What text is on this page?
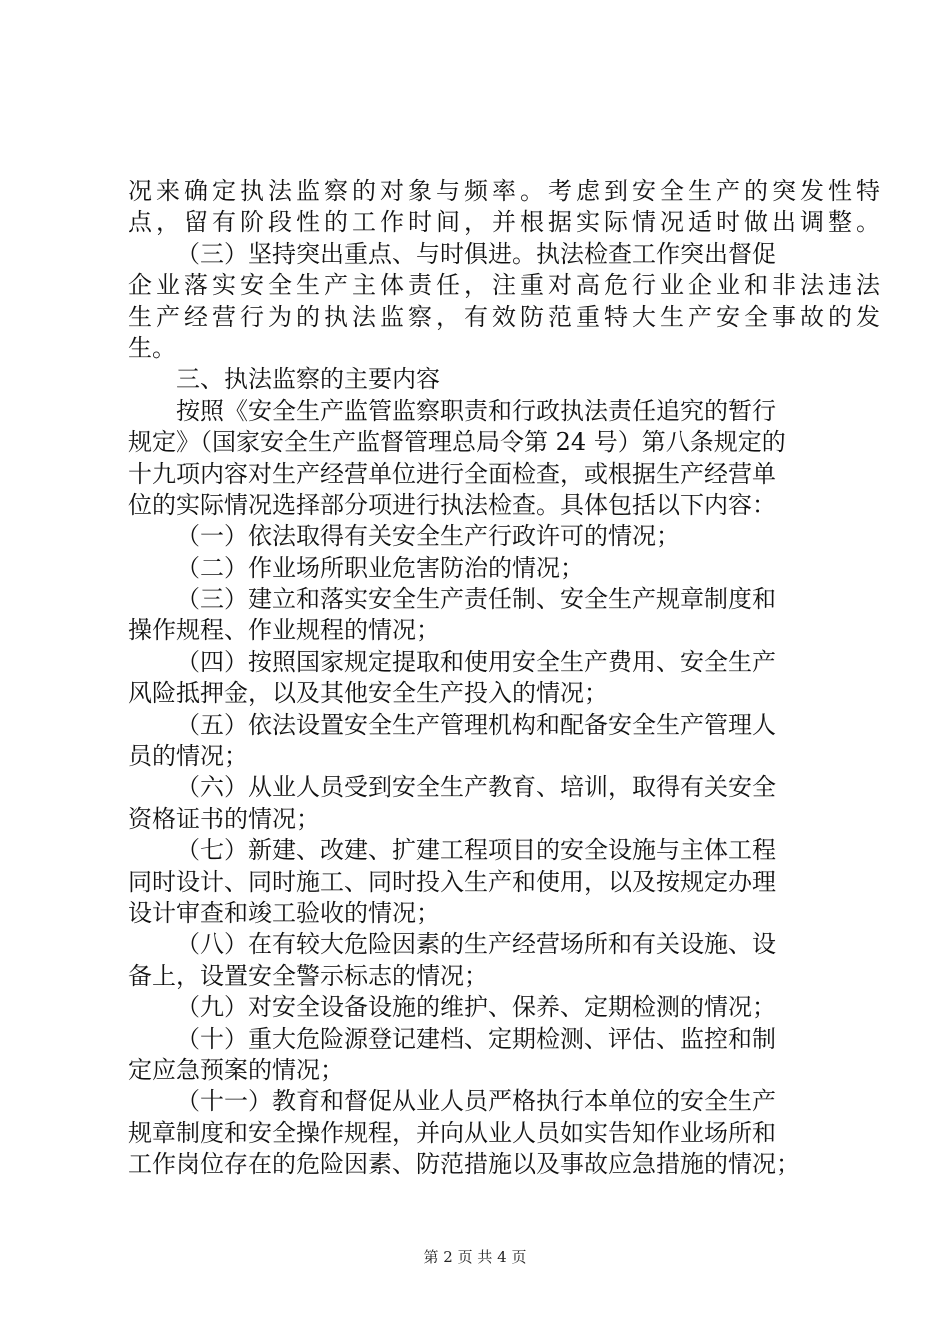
况来确定执法监察的对象与频率。考虑到安全生产的突发性特
点，留有阶段性的工作时间，并根据实际情况适时做出调整。
（三）坚持突出重点、与时俱进。执法检查工作突出督促
企业落实安全生产主体责任，注重对高危行业企业和非法违法
生产经营行为的执法监察，有效防范重特大生产安全事故的发
生。
三、执法监察的主要内容
按照《安全生产监管监察职责和行政执法责任追究的暂行
规定》（国家安全生产监督管理总局令第 24 号）第八条规定的
十九项内容对生产经营单位进行全面检查，或根据生产经营单
位的实际情况选择部分项进行执法检查。具体包括以下内容：
（一）依法取得有关安全生产行政许可的情况；
（二）作业场所职业危害防治的情况；
（三）建立和落实安全生产责任制、安全生产规章制度和
操作规程、作业规程的情况；
（四）按照国家规定提取和使用安全生产费用、安全生产
风险抵押金，以及其他安全生产投入的情况；
（五）依法设置安全生产管理机构和配备安全生产管理人
员的情况；
（六）从业人员受到安全生产教育、培训，取得有关安全
资格证书的情况；
（七）新建、改建、扩建工程项目的安全设施与主体工程
同时设计、同时施工、同时投入生产和使用，以及按规定办理
设计审查和竣工验收的情况；
（八）在有较大危险因素的生产经营场所和有关设施、设
备上，设置安全警示标志的情况；
（九）对安全设备设施的维护、保养、定期检测的情况；
（十）重大危险源登记建档、定期检测、评估、监控和制
定应急预案的情况；
（十一）教育和督促从业人员严格执行本单位的安全生产
规章制度和安全操作规程，并向从业人员如实告知作业场所和
工作岗位存在的危险因素、防范措施以及事故应急措施的情况；
第 2 页 共 4 页
